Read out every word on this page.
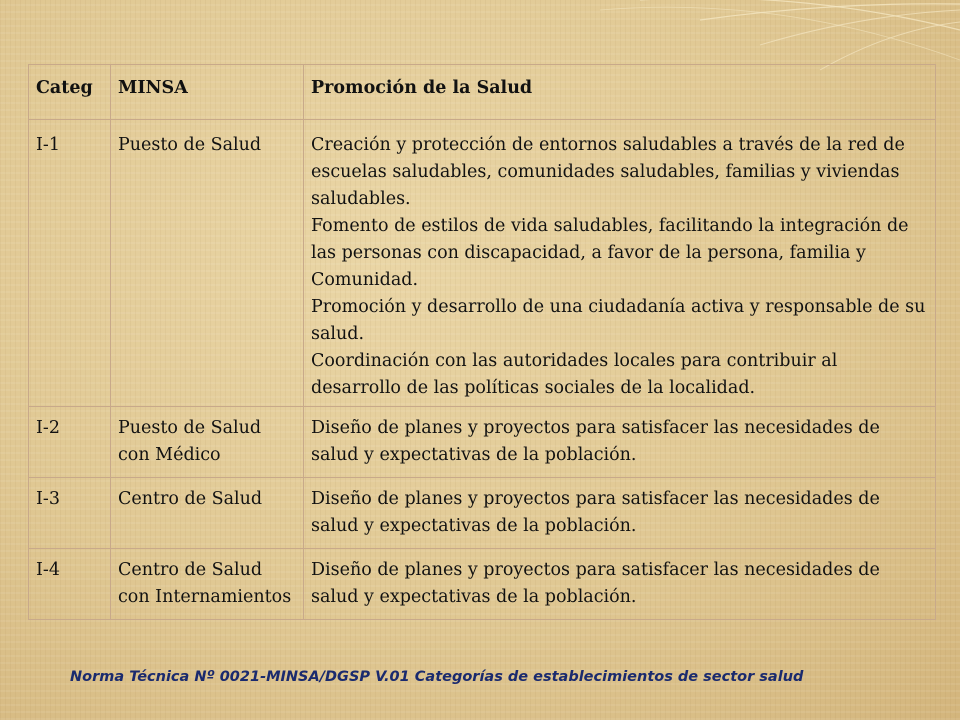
Categ	MINSA	Promoción de la Salud
I-1	Puesto de Salud	Creación y protección de entornos saludables a través de la red de escuelas saludables, comunidades saludables, familias y viviendas saludables.
Fomento de estilos de vida saludables, facilitando la integración de las personas con discapacidad, a favor de la persona, familia y Comunidad.
Promoción y desarrollo de una ciudadanía activa y responsable de su salud.
Coordinación con las autoridades locales para contribuir al desarrollo de las políticas sociales de la localidad.

I-2	Puesto de Salud con Médico	Diseño de planes y proyectos para satisfacer las necesidades de salud y expectativas de la población.

I-3	Centro de Salud	Diseño de planes y proyectos para satisfacer las necesidades de salud y expectativas de la población.

I-4	Centro de Salud con Internamientos	Diseño de planes y proyectos para satisfacer las necesidades de salud y expectativas de la población.
Norma Técnica Nº 0021-MINSA/DGSP V.01 Categorías de establecimientos de sector salud
